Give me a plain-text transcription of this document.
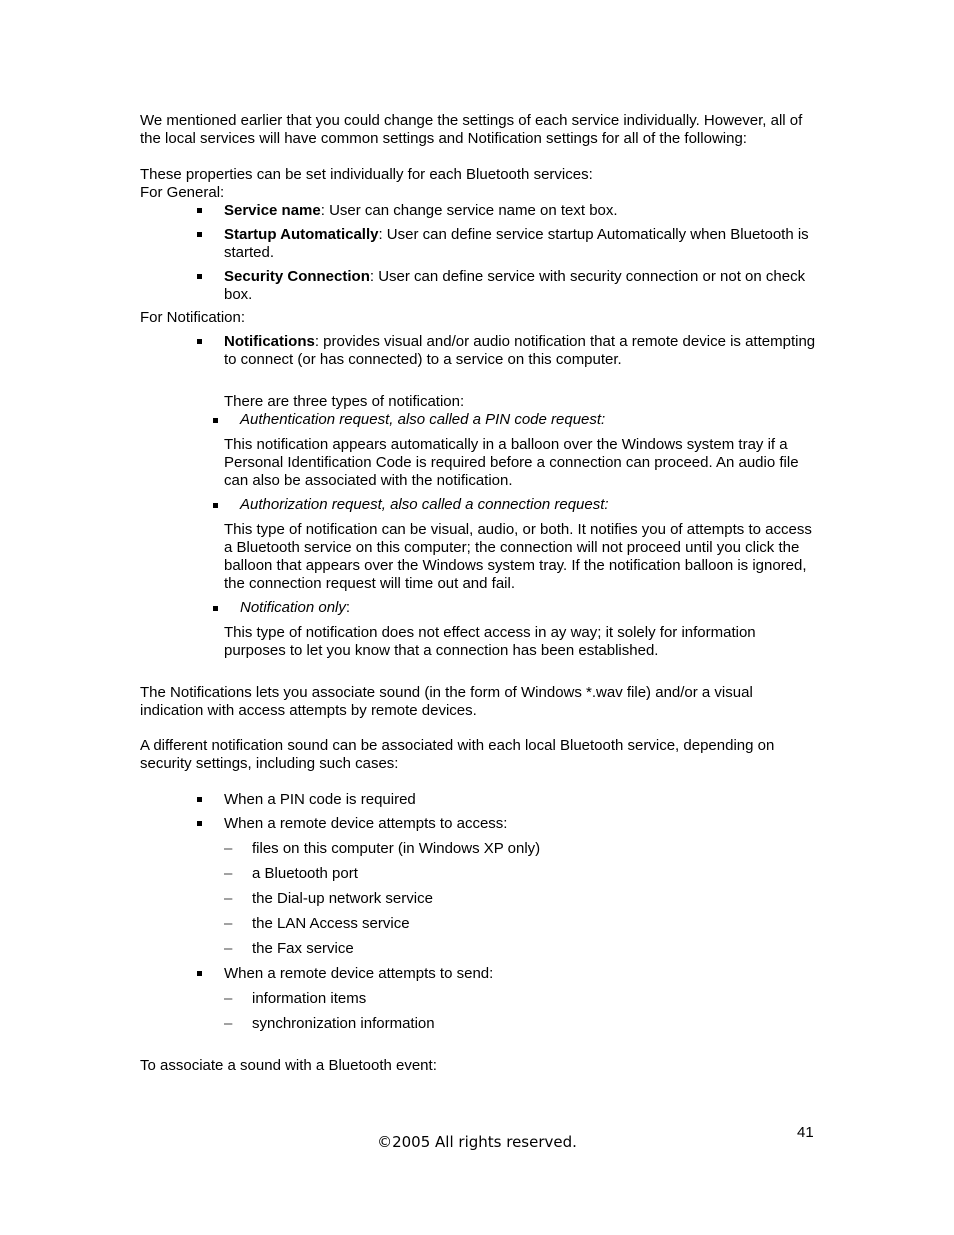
We mentioned earlier that you could change the settings of each service individually. However, all of the local services will have common settings and Notification settings for all of the following:

These properties can be set individually for each Bluetooth services:

For General:

Service name: User can change service name on text box.
Startup Automatically: User can define service startup Automatically when Bluetooth is started.
Security Connection: User can define service with security connection or not on check box.

For Notification:

Notifications: provides visual and/or audio notification that a remote device is attempting to connect (or has connected) to a service on this computer.

There are three types of notification:

Authentication request, also called a PIN code request:

This notification appears automatically in a balloon over the Windows system tray if a Personal Identification Code is required before a connection can proceed. An audio file can also be associated with the notification.

Authorization request, also called a connection request:

This type of notification can be visual, audio, or both. It notifies you of attempts to access a Bluetooth service on this computer; the connection will not proceed until you click the balloon that appears over the Windows system tray. If the notification balloon is ignored, the connection request will time out and fail.

Notification only:

This type of notification does not effect access in ay way; it solely for information purposes to let you know that a connection has been established.

The Notifications lets you associate sound (in the form of Windows *.wav file) and/or a visual indication with access attempts by remote devices.

A different notification sound can be associated with each local Bluetooth service, depending on security settings, including such cases:

When a PIN code is required
When a remote device attempts to access:
– files on this computer (in Windows XP only)
– a Bluetooth port
– the Dial-up network service
– the LAN Access service
– the Fax service
When a remote device attempts to send:
– information items
– synchronization information

To associate a sound with a Bluetooth event:

41
©2005 All rights reserved.
